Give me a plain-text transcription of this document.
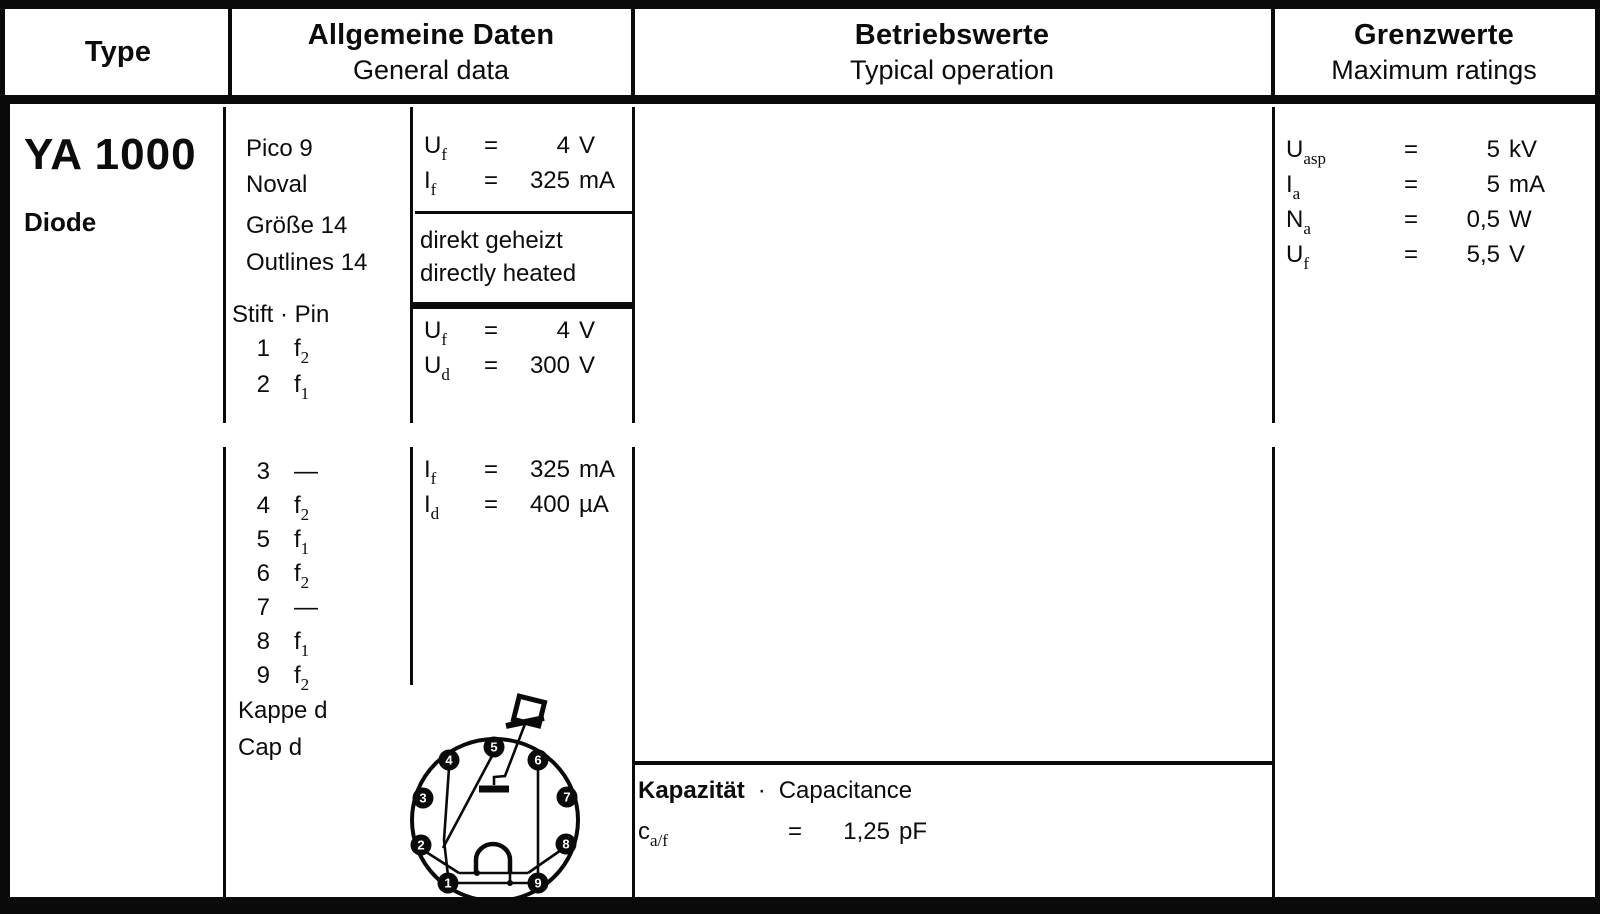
Type
Allgemeine Daten
General data
Betriebswerte
Typical operation
Grenzwerte
Maximum ratings
YA 1000
Diode
Pico 9
Noval
Größe 14
Outlines 14
Stift · Pin
1	$f_2$
2	$f_1$
$U_f$	=	4 V
$I_f$	=	325 mA
direkt geheizt
directly heated
$U_f$	=	4 V
$U_d$	=	300 V
3	—
4	$f_2$
5	$f_1$
6	$f_2$
7	—
8	$f_1$
9	$f_2$
Kappe d
Cap d
$I_f$	=	325 mA
$I_d$	=	400 µA
Kapazität · Capacitance
$c_{a/f}$	=	1,25 pF
$U_{asp}$	=	5 kV
$I_a$	=	5 mA
$N_a$	=	0,5 W
$U_f$	=	5,5 V
1
2
3
4
5
6
7
8
9
